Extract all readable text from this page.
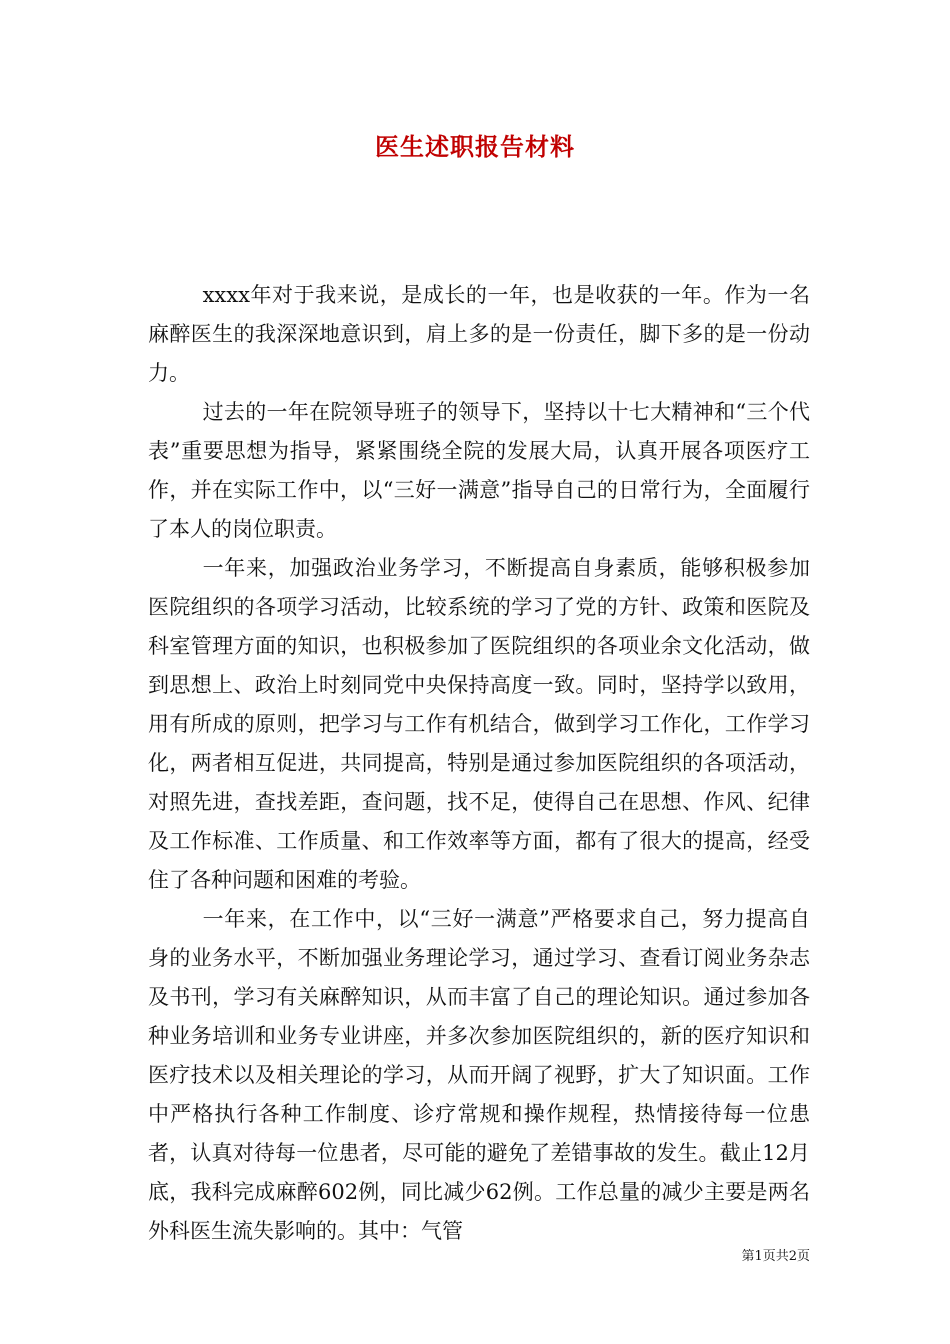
医生述职报告材料

xxxx年对于我来说，是成长的一年，也是收获的一年。作为一名麻醉医生的我深深地意识到，肩上多的是一份责任，脚下多的是一份动力。

过去的一年在院领导班子的领导下，坚持以十七大精神和“三个代表”重要思想为指导，紧紧围绕全院的发展大局，认真开展各项医疗工作，并在实际工作中，以“三好一满意”指导自己的日常行为，全面履行了本人的岗位职责。

一年来，加强政治业务学习，不断提高自身素质，能够积极参加医院组织的各项学习活动，比较系统的学习了党的方针、政策和医院及科室管理方面的知识，也积极参加了医院组织的各项业余文化活动，做到思想上、政治上时刻同党中央保持高度一致。同时，坚持学以致用，用有所成的原则，把学习与工作有机结合，做到学习工作化，工作学习化，两者相互促进，共同提高，特别是通过参加医院组织的各项活动，对照先进，查找差距，查问题，找不足，使得自己在思想、作风、纪律及工作标准、工作质量、和工作效率等方面，都有了很大的提高，经受住了各种问题和困难的考验。

一年来，在工作中，以“三好一满意”严格要求自己，努力提高自身的业务水平，不断加强业务理论学习，通过学习、查看订阅业务杂志及书刊，学习有关麻醉知识，从而丰富了自己的理论知识。通过参加各种业务培训和业务专业讲座，并多次参加医院组织的，新的医疗知识和医疗技术以及相关理论的学习，从而开阔了视野，扩大了知识面。工作中严格执行各种工作制度、诊疗常规和操作规程，热情接待每一位患者，认真对待每一位患者，尽可能的避免了差错事故的发生。截止12月底，我科完成麻醉602例，同比减少62例。工作总量的减少主要是两名外科医生流失影响的。其中：气管

第1页共2页
